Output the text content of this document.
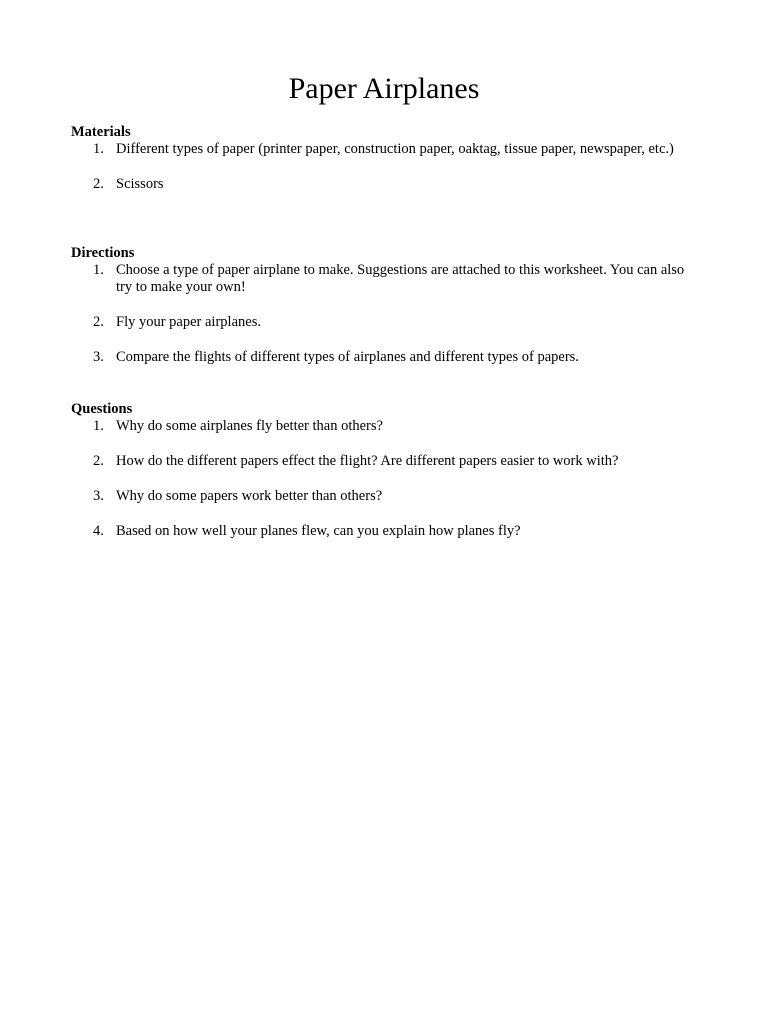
Paper Airplanes
Materials
1. Different types of paper (printer paper, construction paper, oaktag, tissue paper, newspaper, etc.)
2. Scissors
Directions
1. Choose a type of paper airplane to make. Suggestions are attached to this worksheet. You can also try to make your own!
2. Fly your paper airplanes.
3. Compare the flights of different types of airplanes and different types of papers.
Questions
1. Why do some airplanes fly better than others?
2. How do the different papers effect the flight? Are different papers easier to work with?
3. Why do some papers work better than others?
4. Based on how well your planes flew, can you explain how planes fly?
